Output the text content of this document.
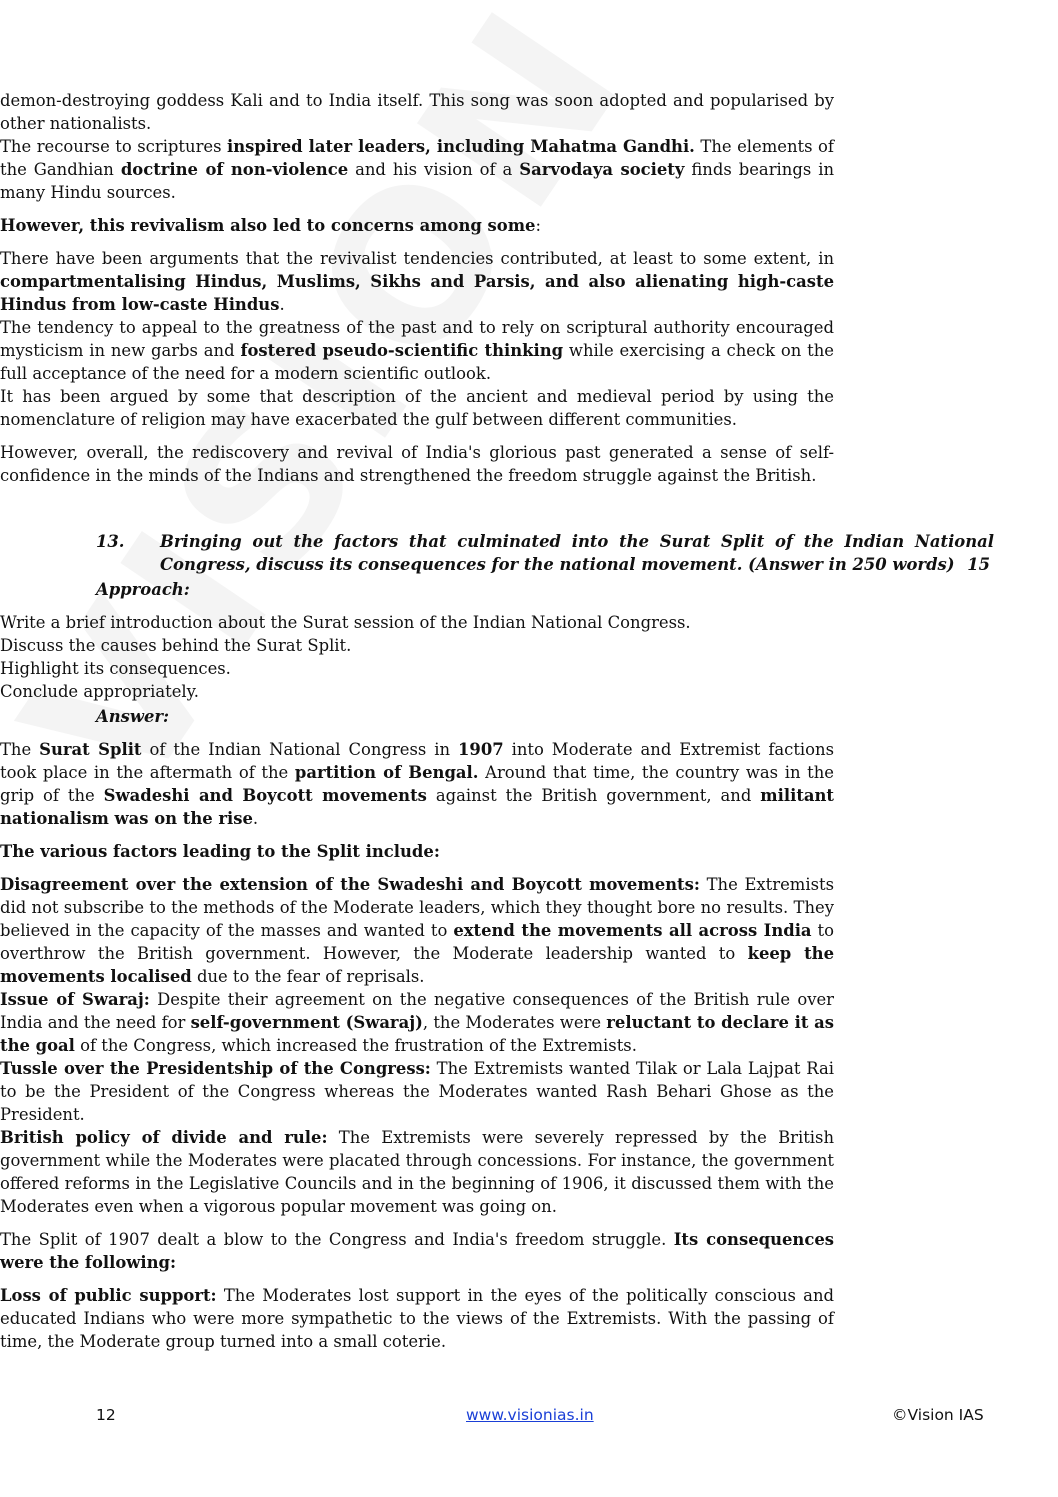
demon-destroying goddess Kali and to India itself. This song was soon adopted and popularised by other nationalists.
The recourse to scriptures inspired later leaders, including Mahatma Gandhi. The elements of the Gandhian doctrine of non-violence and his vision of a Sarvodaya society finds bearings in many Hindu sources.

However, this revivalism also led to concerns among some:

There have been arguments that the revivalist tendencies contributed, at least to some extent, in compartmentalising Hindus, Muslims, Sikhs and Parsis, and also alienating high-caste Hindus from low-caste Hindus.
The tendency to appeal to the greatness of the past and to rely on scriptural authority encouraged mysticism in new garbs and fostered pseudo-scientific thinking while exercising a check on the full acceptance of the need for a modern scientific outlook.
It has been argued by some that description of the ancient and medieval period by using the nomenclature of religion may have exacerbated the gulf between different communities.

However, overall, the rediscovery and revival of India's glorious past generated a sense of self-confidence in the minds of the Indians and strengthened the freedom struggle against the British.

13. Bringing out the factors that culminated into the Surat Split of the Indian National Congress, discuss its consequences for the national movement. (Answer in 250 words) 15
Approach:
Write a brief introduction about the Surat session of the Indian National Congress.
Discuss the causes behind the Surat Split.
Highlight its consequences.
Conclude appropriately.
Answer:

The Surat Split of the Indian National Congress in 1907 into Moderate and Extremist factions took place in the aftermath of the partition of Bengal. Around that time, the country was in the grip of the Swadeshi and Boycott movements against the British government, and militant nationalism was on the rise.

The various factors leading to the Split include:

Disagreement over the extension of the Swadeshi and Boycott movements: The Extremists did not subscribe to the methods of the Moderate leaders, which they thought bore no results. They believed in the capacity of the masses and wanted to extend the movements all across India to overthrow the British government. However, the Moderate leadership wanted to keep the movements localised due to the fear of reprisals.
Issue of Swaraj: Despite their agreement on the negative consequences of the British rule over India and the need for self-government (Swaraj), the Moderates were reluctant to declare it as the goal of the Congress, which increased the frustration of the Extremists.
Tussle over the Presidentship of the Congress: The Extremists wanted Tilak or Lala Lajpat Rai to be the President of the Congress whereas the Moderates wanted Rash Behari Ghose as the President.
British policy of divide and rule: The Extremists were severely repressed by the British government while the Moderates were placated through concessions. For instance, the government offered reforms in the Legislative Councils and in the beginning of 1906, it discussed them with the Moderates even when a vigorous popular movement was going on.

The Split of 1907 dealt a blow to the Congress and India's freedom struggle. Its consequences were the following:

Loss of public support: The Moderates lost support in the eyes of the politically conscious and educated Indians who were more sympathetic to the views of the Extremists. With the passing of time, the Moderate group turned into a small coterie.
12	www.visionias.in	©Vision IAS
